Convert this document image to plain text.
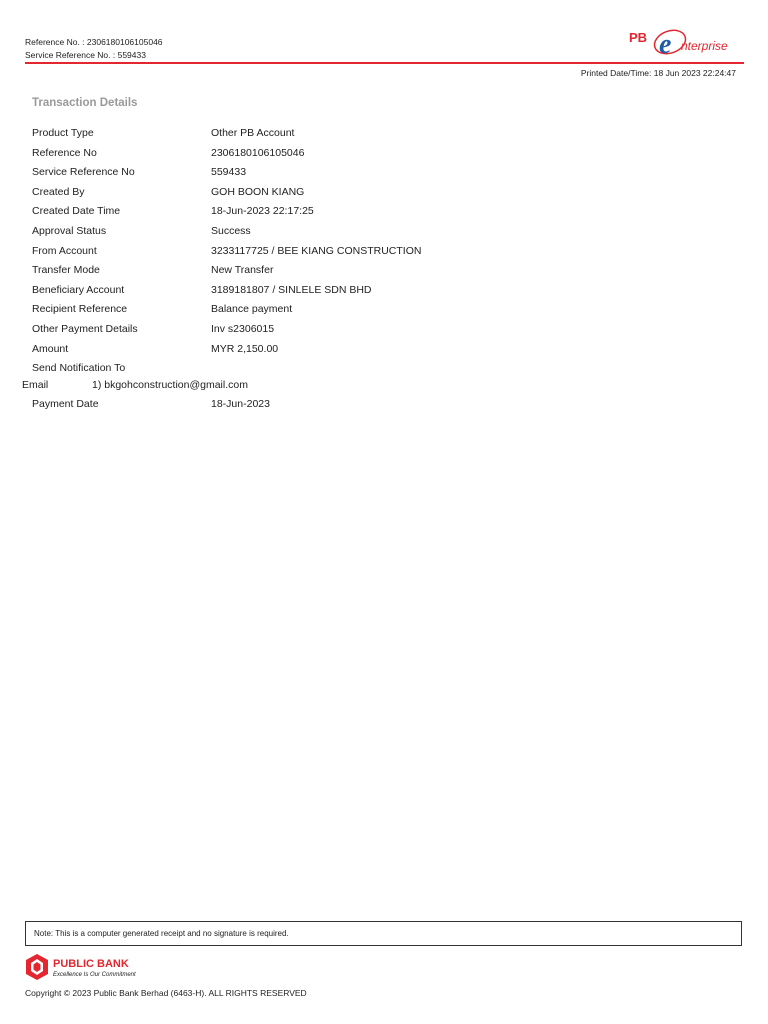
Reference No. : 2306180106105046
Service Reference No. : 559433
PB e nterprise
Printed Date/Time: 18 Jun 2023 22:24:47
Transaction Details
Product Type	Other PB Account
Reference No	2306180106105046
Service Reference No	559433
Created By	GOH BOON KIANG
Created Date Time	18-Jun-2023 22:17:25
Approval Status	Success
From Account	3233117725 / BEE KIANG CONSTRUCTION
Transfer Mode	New Transfer
Beneficiary Account	3189181807 / SINLELE SDN BHD
Recipient Reference	Balance payment
Other Payment Details	Inv s2306015
Amount	MYR 2,150.00
Send Notification To
Email	1) bkgohconstruction@gmail.com
Payment Date	18-Jun-2023
Note: This is a computer generated receipt and no signature is required.
PUBLIC BANK
Excellence Is Our Commitment
Copyright © 2023 Public Bank Berhad (6463-H). ALL RIGHTS RESERVED
